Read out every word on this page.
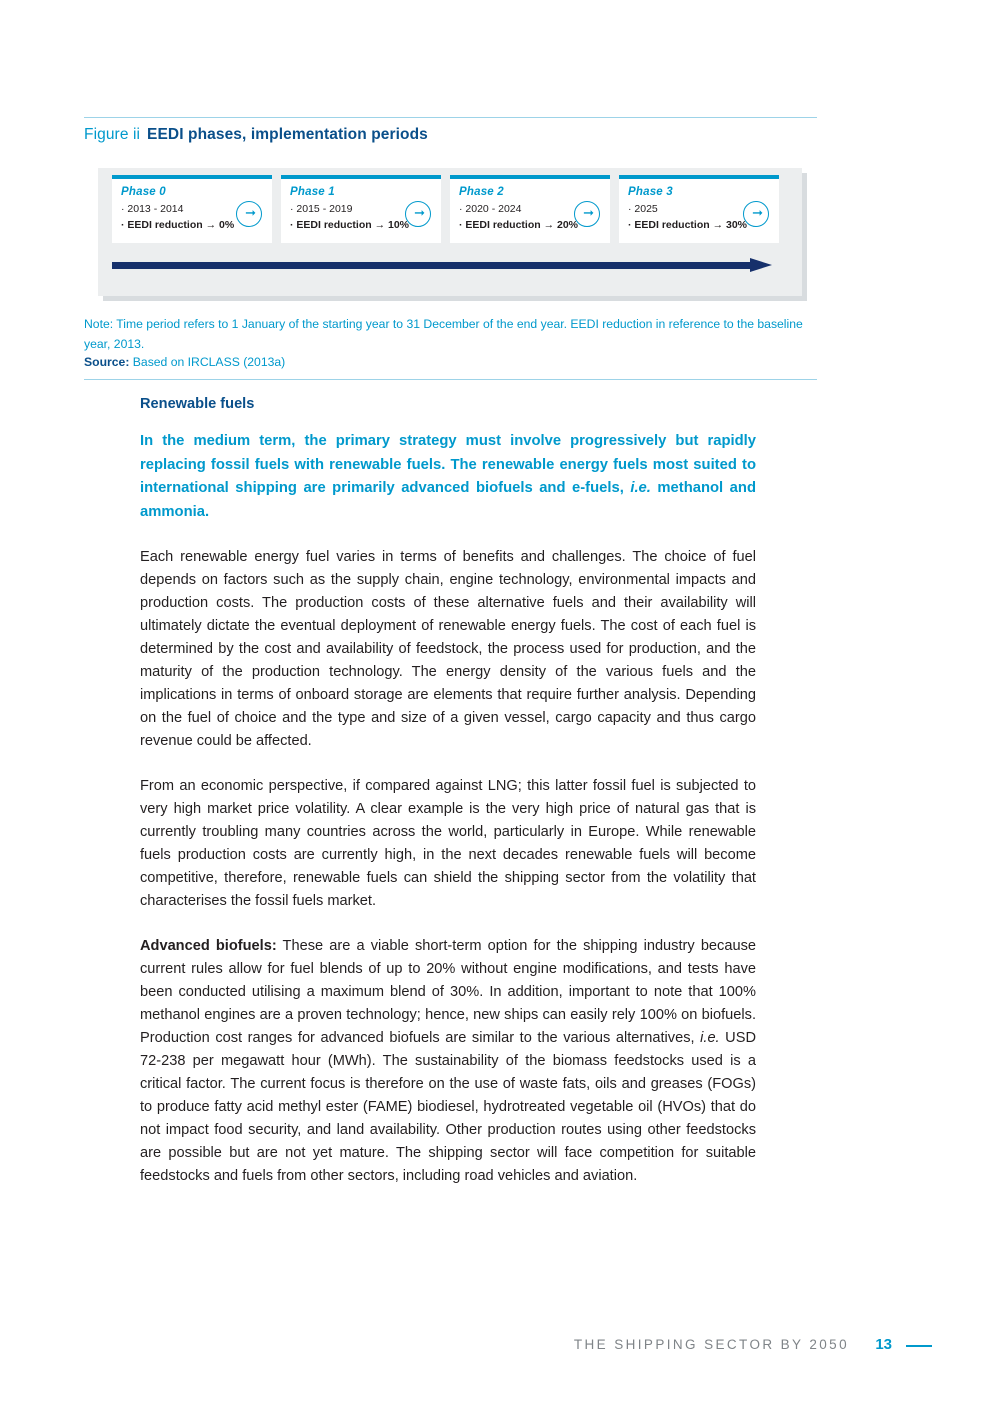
Figure ii EEDI phases, implementation periods
Phase 0
· 2013 - 2014
· EEDI reduction → 0%
➞
Phase 1
· 2015 - 2019
· EEDI reduction → 10%
➞
Phase 2
· 2020 - 2024
· EEDI reduction → 20%
➞
Phase 3
· 2025
· EEDI reduction → 30%
➞
Note: Time period refers to 1 January of the starting year to 31 December of the end year. EEDI reduction in reference to the baseline year, 2013.
Source: Based on IRCLASS (2013a)
Renewable fuels

In the medium term, the primary strategy must involve progressively but rapidly replacing fossil fuels with renewable fuels. The renewable energy fuels most suited to international shipping are primarily advanced biofuels and e-fuels, i.e. methanol and ammonia.

Each renewable energy fuel varies in terms of benefits and challenges. The choice of fuel depends on factors such as the supply chain, engine technology, environmental impacts and production costs. The production costs of these alternative fuels and their availability will ultimately dictate the eventual deployment of renewable energy fuels. The cost of each fuel is determined by the cost and availability of feedstock, the process used for production, and the maturity of the production technology. The energy density of the various fuels and the implications in terms of onboard storage are elements that require further analysis. Depending on the fuel of choice and the type and size of a given vessel, cargo capacity and thus cargo revenue could be affected.

From an economic perspective, if compared against LNG; this latter fossil fuel is subjected to very high market price volatility. A clear example is the very high price of natural gas that is currently troubling many countries across the world, particularly in Europe. While renewable fuels production costs are currently high, in the next decades renewable fuels will become competitive, therefore, renewable fuels can shield the shipping sector from the volatility that characterises the fossil fuels market.

Advanced biofuels: These are a viable short-term option for the shipping industry because current rules allow for fuel blends of up to 20% without engine modifications, and tests have been conducted utilising a maximum blend of 30%. In addition, important to note that 100% methanol engines are a proven technology; hence, new ships can easily rely 100% on biofuels. Production cost ranges for advanced biofuels are similar to the various alternatives, i.e. USD 72-238 per megawatt hour (MWh). The sustainability of the biomass feedstocks used is a critical factor. The current focus is therefore on the use of waste fats, oils and greases (FOGs) to produce fatty acid methyl ester (FAME) biodiesel, hydrotreated vegetable oil (HVOs) that do not impact food security, and land availability. Other production routes using other feedstocks are possible but are not yet mature. The shipping sector will face competition for suitable feedstocks and fuels from other sectors, including road vehicles and aviation.

THE SHIPPING SECTOR BY 2050 13
